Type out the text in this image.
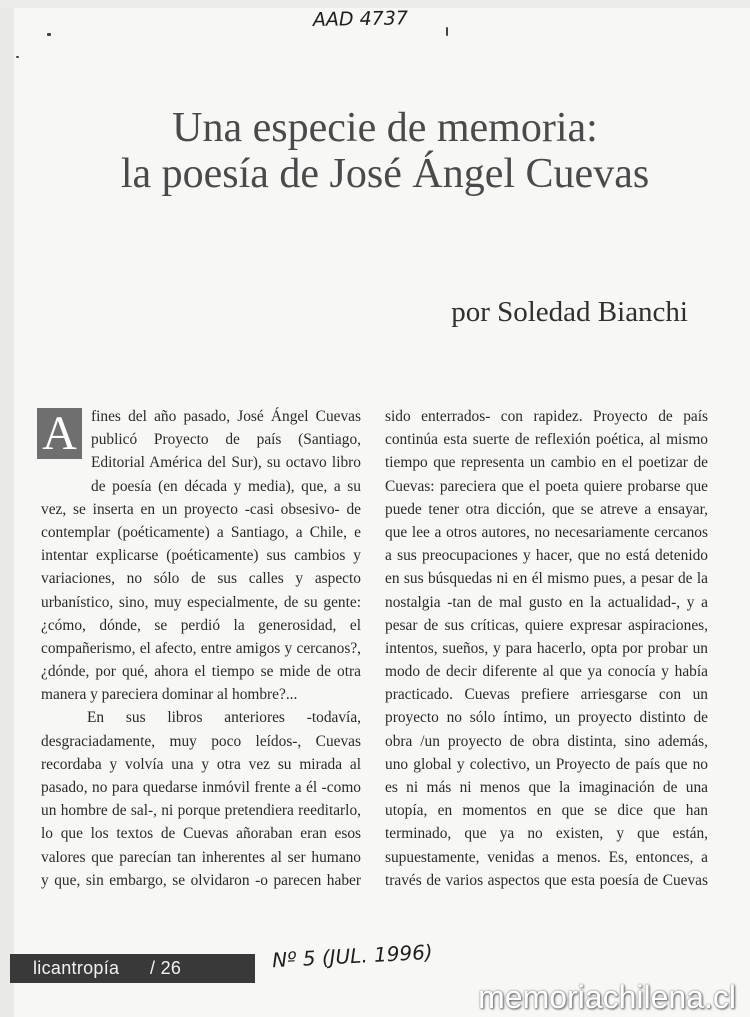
AAD 4737
Una especie de memoria:
la poesía de José Ángel Cuevas
por Soledad Bianchi
A fines del año pasado, José Ángel Cuevas
publicó Proyecto de país (Santiago,
Editorial América del Sur), su octavo libro
de poesía (en década y media), que, a su
vez, se inserta en un proyecto -casi obsesivo- de
contemplar (poéticamente) a Santiago, a Chile, e
intentar explicarse (poéticamente) sus cambios y
variaciones, no sólo de sus calles y aspecto
urbanístico, sino, muy especialmente, de su gente:
¿cómo, dónde, se perdió la generosidad, el
compañerismo, el afecto, entre amigos y cercanos?,
¿dónde, por qué, ahora el tiempo se mide de otra
manera y pareciera dominar al hombre?...
En sus libros anteriores -todavía,
desgraciadamente, muy poco leídos-, Cuevas
recordaba y volvía una y otra vez su mirada al
pasado, no para quedarse inmóvil frente a él -como
un hombre de sal-, ni porque pretendiera reeditarlo,
lo que los textos de Cuevas añoraban eran esos
valores que parecían tan inherentes al ser humano
y que, sin embargo, se olvidaron -o parecen haber
sido enterrados- con rapidez. Proyecto de país
continúa esta suerte de reflexión poética, al mismo
tiempo que representa un cambio en el poetizar de
Cuevas: pareciera que el poeta quiere probarse que
puede tener otra dicción, que se atreve a ensayar,
que lee a otros autores, no necesariamente cercanos
a sus preocupaciones y hacer, que no está detenido
en sus búsquedas ni en él mismo pues, a pesar de la
nostalgia -tan de mal gusto en la actualidad-, y a
pesar de sus críticas, quiere expresar aspiraciones,
intentos, sueños, y para hacerlo, opta por probar un
modo de decir diferente al que ya conocía y había
practicado. Cuevas prefiere arriesgarse con un
proyecto no sólo íntimo, un proyecto distinto de
obra /un proyecto de obra distinta, sino además,
uno global y colectivo, un Proyecto de país que no
es ni más ni menos que la imaginación de una
utopía, en momentos en que se dice que han
terminado, que ya no existen, y que están,
supuestamente, venidas a menos. Es, entonces, a
través de varios aspectos que esta poesía de Cuevas
licantropía / 26	Nº 5 (JUL. 1996)
memoriachilena.cl
